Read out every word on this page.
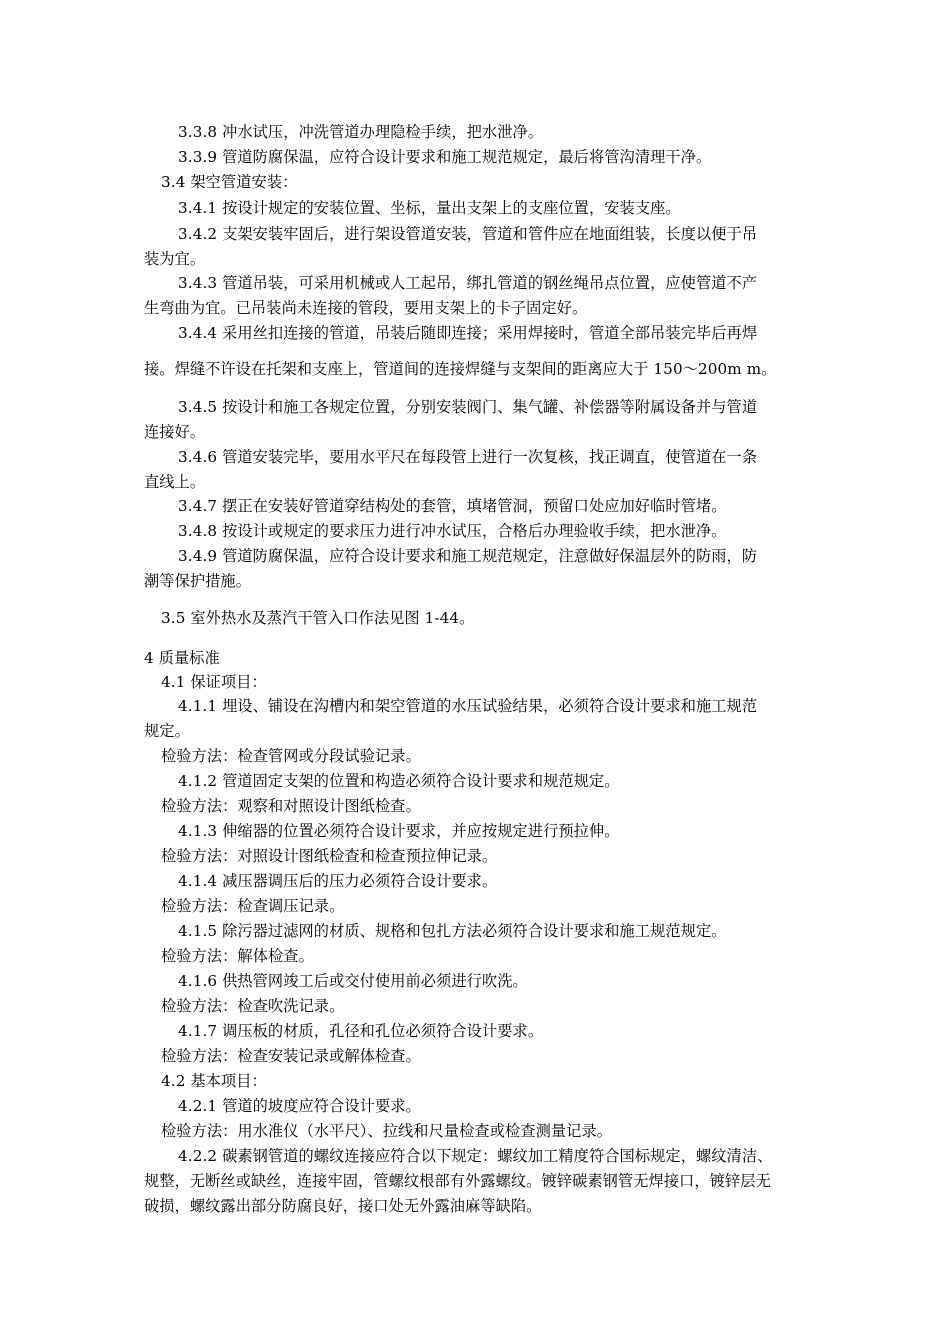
3.3.8 冲水试压，冲洗管道办理隐检手续，把水泄净。
3.3.9 管道防腐保温，应符合设计要求和施工规范规定，最后将管沟清理干净。
3.4 架空管道安装：
3.4.1 按设计规定的安装位置、坐标，量出支架上的支座位置，安装支座。
3.4.2 支架安装牢固后，进行架设管道安装，管道和管件应在地面组装，长度以便于吊
装为宜。
3.4.3 管道吊装，可采用机械或人工起吊，绑扎管道的钢丝绳吊点位置，应使管道不产
生弯曲为宜。已吊装尚未连接的管段，要用支架上的卡子固定好。
3.4.4 采用丝扣连接的管道，吊装后随即连接；采用焊接时，管道全部吊装完毕后再焊
接。焊缝不许设在托架和支座上，管道间的连接焊缝与支架间的距离应大于 150～200m m。
3.4.5 按设计和施工各规定位置，分别安装阀门、集气罐、补偿器等附属设备并与管道
连接好。
3.4.6 管道安装完毕，要用水平尺在每段管上进行一次复核，找正调直，使管道在一条
直线上。
3.4.7 摆正在安装好管道穿结构处的套管，填堵管洞，预留口处应加好临时管堵。
3.4.8 按设计或规定的要求压力进行冲水试压，合格后办理验收手续，把水泄净。
3.4.9 管道防腐保温，应符合设计要求和施工规范规定，注意做好保温层外的防雨，防
潮等保护措施。
3.5 室外热水及蒸汽干管入口作法见图 1-44。
4 质量标准
4.1 保证项目：
4.1.1 埋设、铺设在沟槽内和架空管道的水压试验结果，必须符合设计要求和施工规范
规定。
检验方法：检查管网或分段试验记录。
4.1.2 管道固定支架的位置和构造必须符合设计要求和规范规定。
检验方法：观察和对照设计图纸检查。
4.1.3 伸缩器的位置必须符合设计要求，并应按规定进行预拉伸。
检验方法：对照设计图纸检查和检查预拉伸记录。
4.1.4 减压器调压后的压力必须符合设计要求。
检验方法：检查调压记录。
4.1.5 除污器过滤网的材质、规格和包扎方法必须符合设计要求和施工规范规定。
检验方法：解体检查。
4.1.6 供热管网竣工后或交付使用前必须进行吹洗。
检验方法：检查吹洗记录。
4.1.7 调压板的材质，孔径和孔位必须符合设计要求。
检验方法：检查安装记录或解体检查。
4.2 基本项目：
4.2.1 管道的坡度应符合设计要求。
检验方法：用水准仪（水平尺）、拉线和尺量检查或检查测量记录。
4.2.2 碳素钢管道的螺纹连接应符合以下规定：螺纹加工精度符合国标规定，螺纹清洁、
规整，无断丝或缺丝，连接牢固，管螺纹根部有外露螺纹。镀锌碳素钢管无焊接口，镀锌层无
破损，螺纹露出部分防腐良好，接口处无外露油麻等缺陷。
